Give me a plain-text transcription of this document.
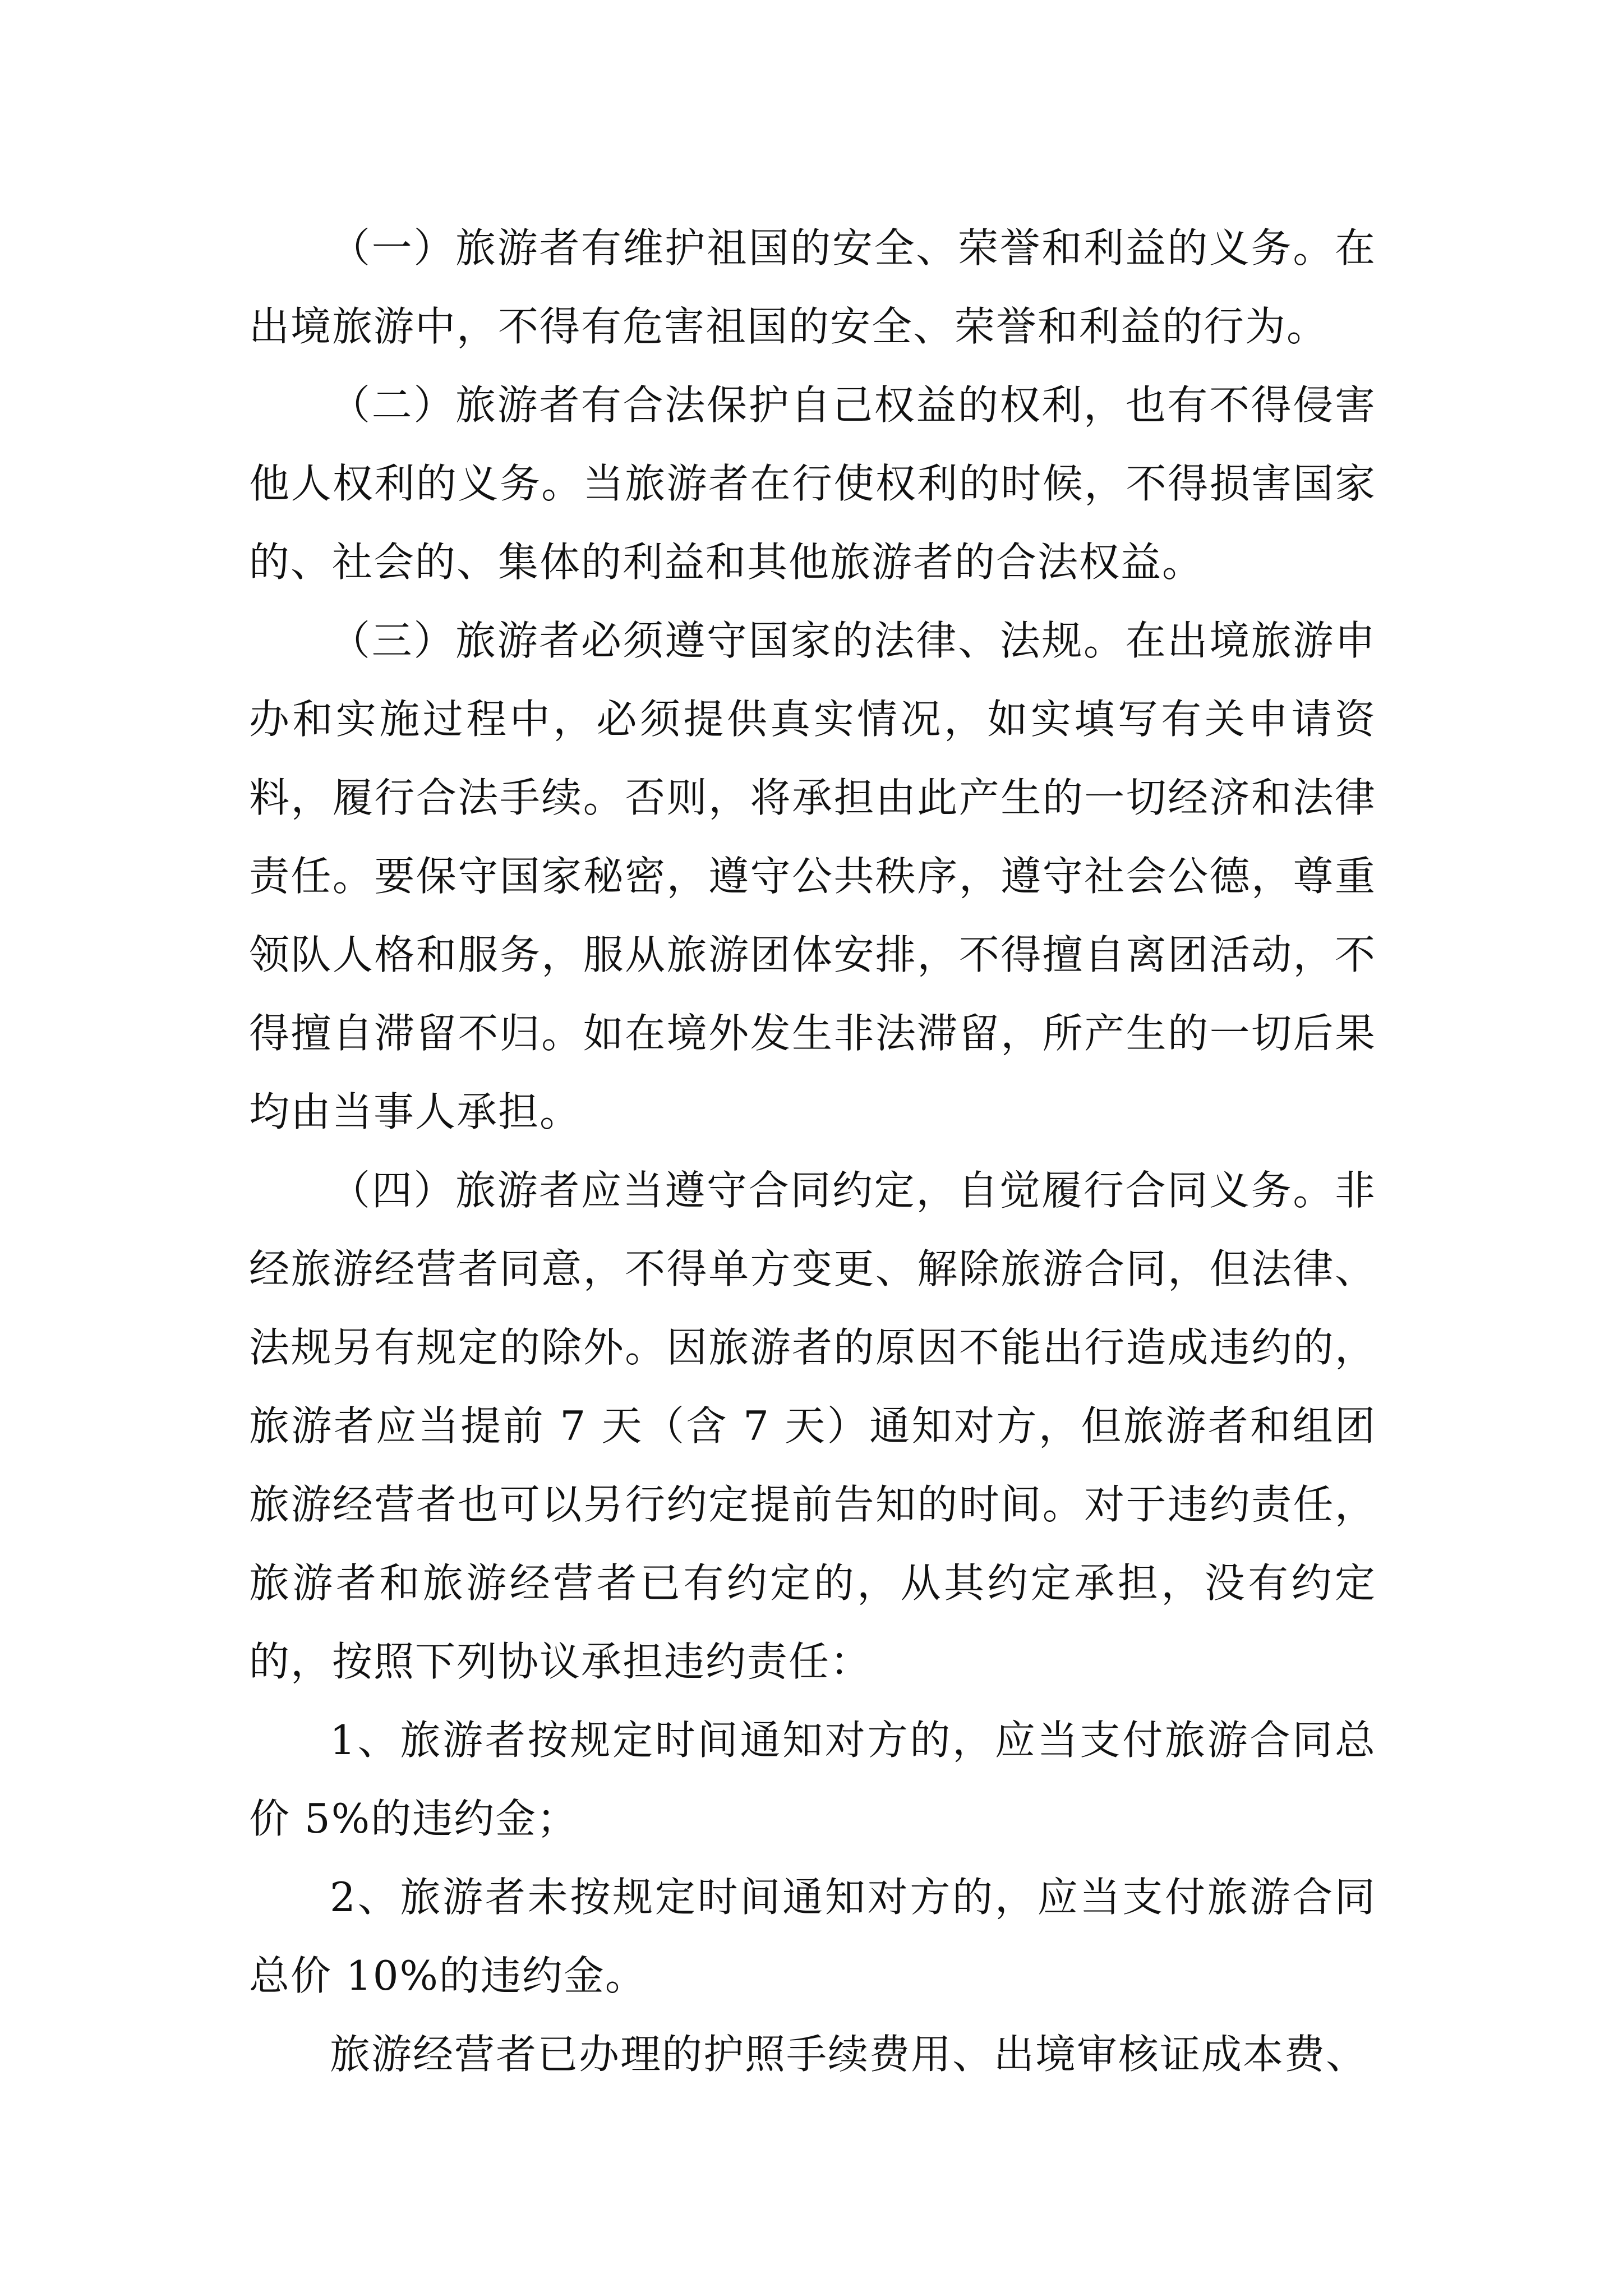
（一）旅游者有维护祖国的安全、荣誉和利益的义务。在出境旅游中，不得有危害祖国的安全、荣誉和利益的行为。

（二）旅游者有合法保护自己权益的权利，也有不得侵害他人权利的义务。当旅游者在行使权利的时候，不得损害国家的、社会的、集体的利益和其他旅游者的合法权益。

（三）旅游者必须遵守国家的法律、法规。在出境旅游申办和实施过程中，必须提供真实情况，如实填写有关申请资料，履行合法手续。否则，将承担由此产生的一切经济和法律责任。要保守国家秘密，遵守公共秩序，遵守社会公德，尊重领队人格和服务，服从旅游团体安排，不得擅自离团活动，不得擅自滞留不归。如在境外发生非法滞留，所产生的一切后果均由当事人承担。

（四）旅游者应当遵守合同约定，自觉履行合同义务。非经旅游经营者同意，不得单方变更、解除旅游合同，但法律、法规另有规定的除外。因旅游者的原因不能出行造成违约的，旅游者应当提前 7 天（含 7 天）通知对方，但旅游者和组团旅游经营者也可以另行约定提前告知的时间。对于违约责任，旅游者和旅游经营者已有约定的，从其约定承担，没有约定的，按照下列协议承担违约责任：

1、旅游者按规定时间通知对方的，应当支付旅游合同总价 5%的违约金；

2、旅游者未按规定时间通知对方的，应当支付旅游合同总价 10%的违约金。

旅游经营者已办理的护照手续费用、出境审核证成本费、
